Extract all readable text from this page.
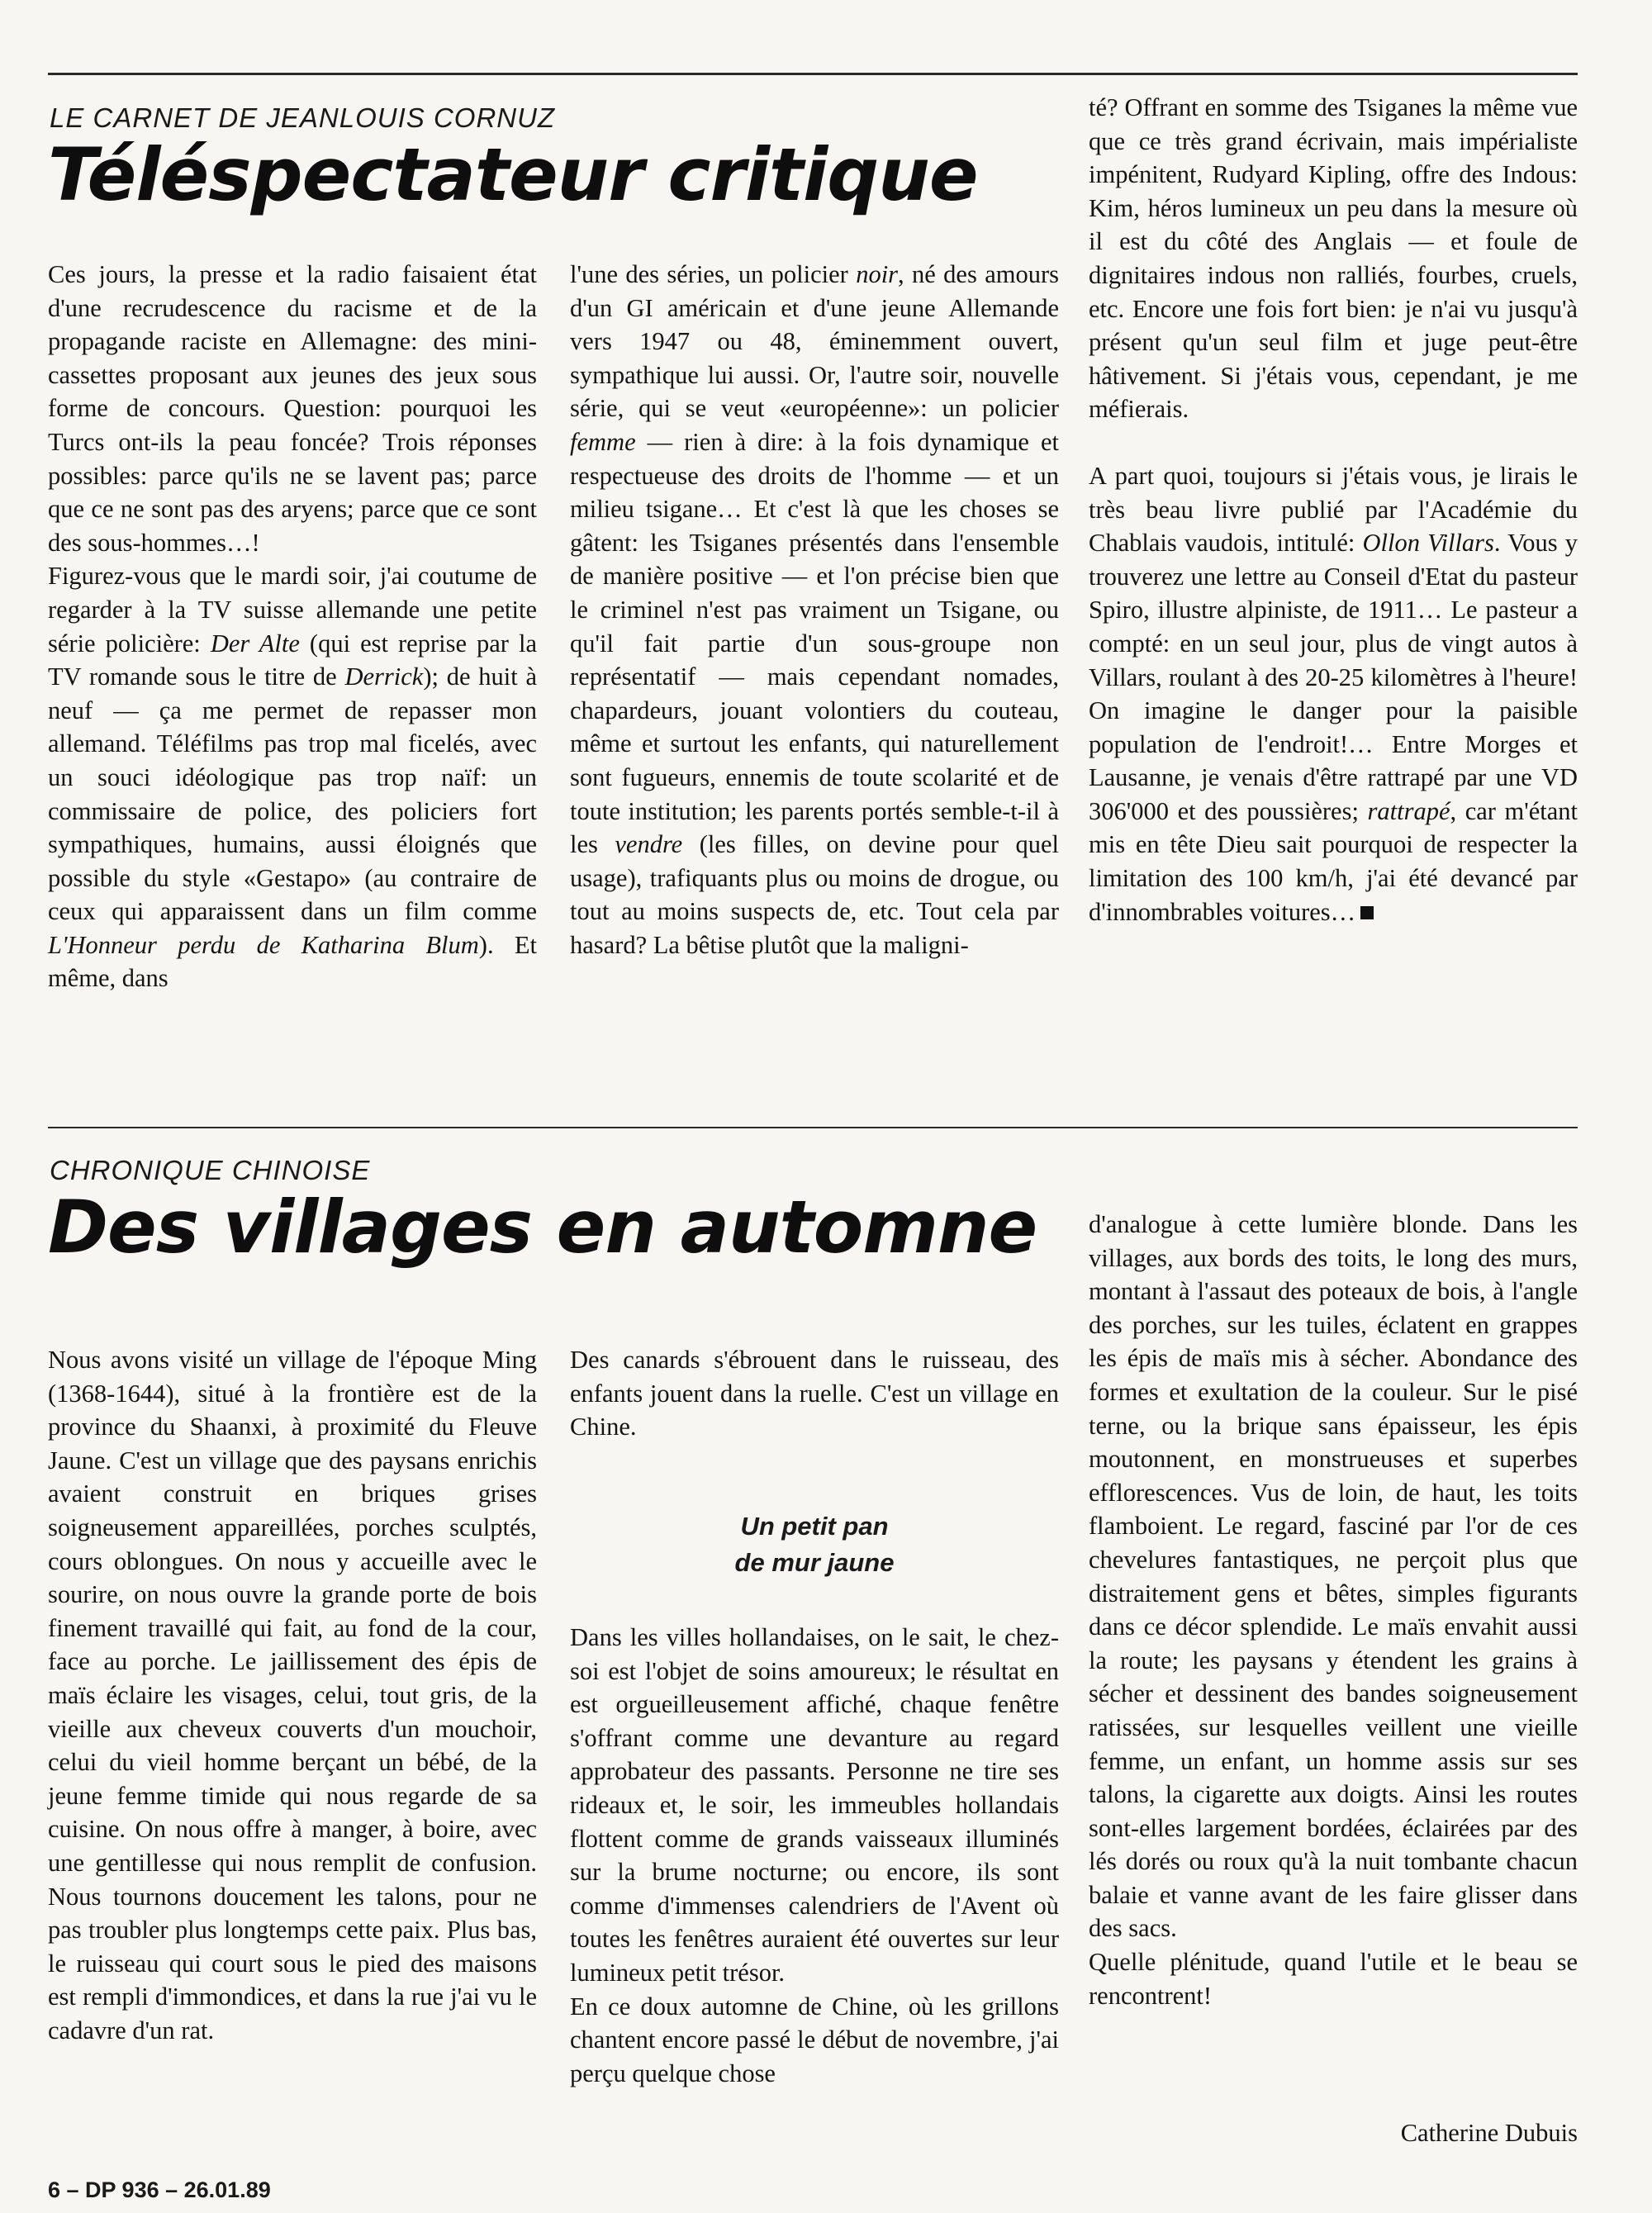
LE CARNET DE JEANLOUIS CORNUZ
Téléspectateur critique

Ces jours, la presse et la radio faisaient état d'une recrudescence du racisme et de la propagande raciste en Allemagne: des mini-cassettes proposant aux jeunes des jeux sous forme de concours. Question: pourquoi les Turcs ont-ils la peau foncée? Trois réponses possibles: parce qu'ils ne se lavent pas; parce que ce ne sont pas des aryens; parce que ce sont des sous-hommes…!

Figurez-vous que le mardi soir, j'ai coutume de regarder à la TV suisse allemande une petite série policière: Der Alte (qui est reprise par la TV romande sous le titre de Derrick); de huit à neuf — ça me permet de repasser mon allemand. Téléfilms pas trop mal ficelés, avec un souci idéologique pas trop naïf: un commissaire de police, des policiers fort sympathiques, humains, aussi éloignés que possible du style «Gestapo» (au contraire de ceux qui apparaissent dans un film comme L'Honneur perdu de Katharina Blum). Et même, dans

l'une des séries, un policier noir, né des amours d'un GI américain et d'une jeune Allemande vers 1947 ou 48, éminemment ouvert, sympathique lui aussi. Or, l'autre soir, nouvelle série, qui se veut «européenne»: un policier femme — rien à dire: à la fois dynamique et respectueuse des droits de l'homme — et un milieu tsigane… Et c'est là que les choses se gâtent: les Tsiganes présentés dans l'ensemble de manière positive — et l'on précise bien que le criminel n'est pas vraiment un Tsigane, ou qu'il fait partie d'un sous-groupe non représentatif — mais cependant nomades, chapardeurs, jouant volontiers du couteau, même et surtout les enfants, qui naturellement sont fugueurs, ennemis de toute scolarité et de toute institution; les parents portés semble-t-il à les vendre (les filles, on devine pour quel usage), trafiquants plus ou moins de drogue, ou tout au moins suspects de, etc. Tout cela par hasard? La bêtise plutôt que la maligni-

té? Offrant en somme des Tsiganes la même vue que ce très grand écrivain, mais impérialiste impénitent, Rudyard Kipling, offre des Indous: Kim, héros lumineux un peu dans la mesure où il est du côté des Anglais — et foule de dignitaires indous non ralliés, fourbes, cruels, etc. Encore une fois fort bien: je n'ai vu jusqu'à présent qu'un seul film et juge peut-être hâtivement. Si j'étais vous, cependant, je me méfierais.

A part quoi, toujours si j'étais vous, je lirais le très beau livre publié par l'Académie du Chablais vaudois, intitulé: Ollon Villars. Vous y trouverez une lettre au Conseil d'Etat du pasteur Spiro, illustre alpiniste, de 1911… Le pasteur a compté: en un seul jour, plus de vingt autos à Villars, roulant à des 20-25 kilomètres à l'heure! On imagine le danger pour la paisible population de l'endroit!… Entre Morges et Lausanne, je venais d'être rattrapé par une VD 306'000 et des poussières; rattrapé, car m'étant mis en tête Dieu sait pourquoi de respecter la limitation des 100 km/h, j'ai été devancé par d'innombrables voitures…

CHRONIQUE CHINOISE
Des villages en automne

Nous avons visité un village de l'époque Ming (1368-1644), situé à la frontière est de la province du Shaanxi, à proximité du Fleuve Jaune. C'est un village que des paysans enrichis avaient construit en briques grises soigneusement appareillées, porches sculptés, cours oblongues. On nous y accueille avec le sourire, on nous ouvre la grande porte de bois finement travaillé qui fait, au fond de la cour, face au porche. Le jaillissement des épis de maïs éclaire les visages, celui, tout gris, de la vieille aux cheveux couverts d'un mouchoir, celui du vieil homme berçant un bébé, de la jeune femme timide qui nous regarde de sa cuisine. On nous offre à manger, à boire, avec une gentillesse qui nous remplit de confusion. Nous tournons doucement les talons, pour ne pas troubler plus longtemps cette paix. Plus bas, le ruisseau qui court sous le pied des maisons est rempli d'immondices, et dans la rue j'ai vu le cadavre d'un rat.

Des canards s'ébrouent dans le ruisseau, des enfants jouent dans la ruelle. C'est un village en Chine.

Un petit pan
de mur jaune

Dans les villes hollandaises, on le sait, le chez-soi est l'objet de soins amoureux; le résultat en est orgueilleusement affiché, chaque fenêtre s'offrant comme une devanture au regard approbateur des passants. Personne ne tire ses rideaux et, le soir, les immeubles hollandais flottent comme de grands vaisseaux illuminés sur la brume nocturne; ou encore, ils sont comme d'immenses calendriers de l'Avent où toutes les fenêtres auraient été ouvertes sur leur lumineux petit trésor.

En ce doux automne de Chine, où les grillons chantent encore passé le début de novembre, j'ai perçu quelque chose

d'analogue à cette lumière blonde. Dans les villages, aux bords des toits, le long des murs, montant à l'assaut des poteaux de bois, à l'angle des porches, sur les tuiles, éclatent en grappes les épis de maïs mis à sécher. Abondance des formes et exultation de la couleur. Sur le pisé terne, ou la brique sans épaisseur, les épis moutonnent, en monstrueuses et superbes efflorescences. Vus de loin, de haut, les toits flamboient. Le regard, fasciné par l'or de ces chevelures fantastiques, ne perçoit plus que distraitement gens et bêtes, simples figurants dans ce décor splendide. Le maïs envahit aussi la route; les paysans y étendent les grains à sécher et dessinent des bandes soigneusement ratissées, sur lesquelles veillent une vieille femme, un enfant, un homme assis sur ses talons, la cigarette aux doigts. Ainsi les routes sont-elles largement bordées, éclairées par des lés dorés ou roux qu'à la nuit tombante chacun balaie et vanne avant de les faire glisser dans des sacs.

Quelle plénitude, quand l'utile et le beau se rencontrent!

Catherine Dubuis
6 – DP 936 – 26.01.89
